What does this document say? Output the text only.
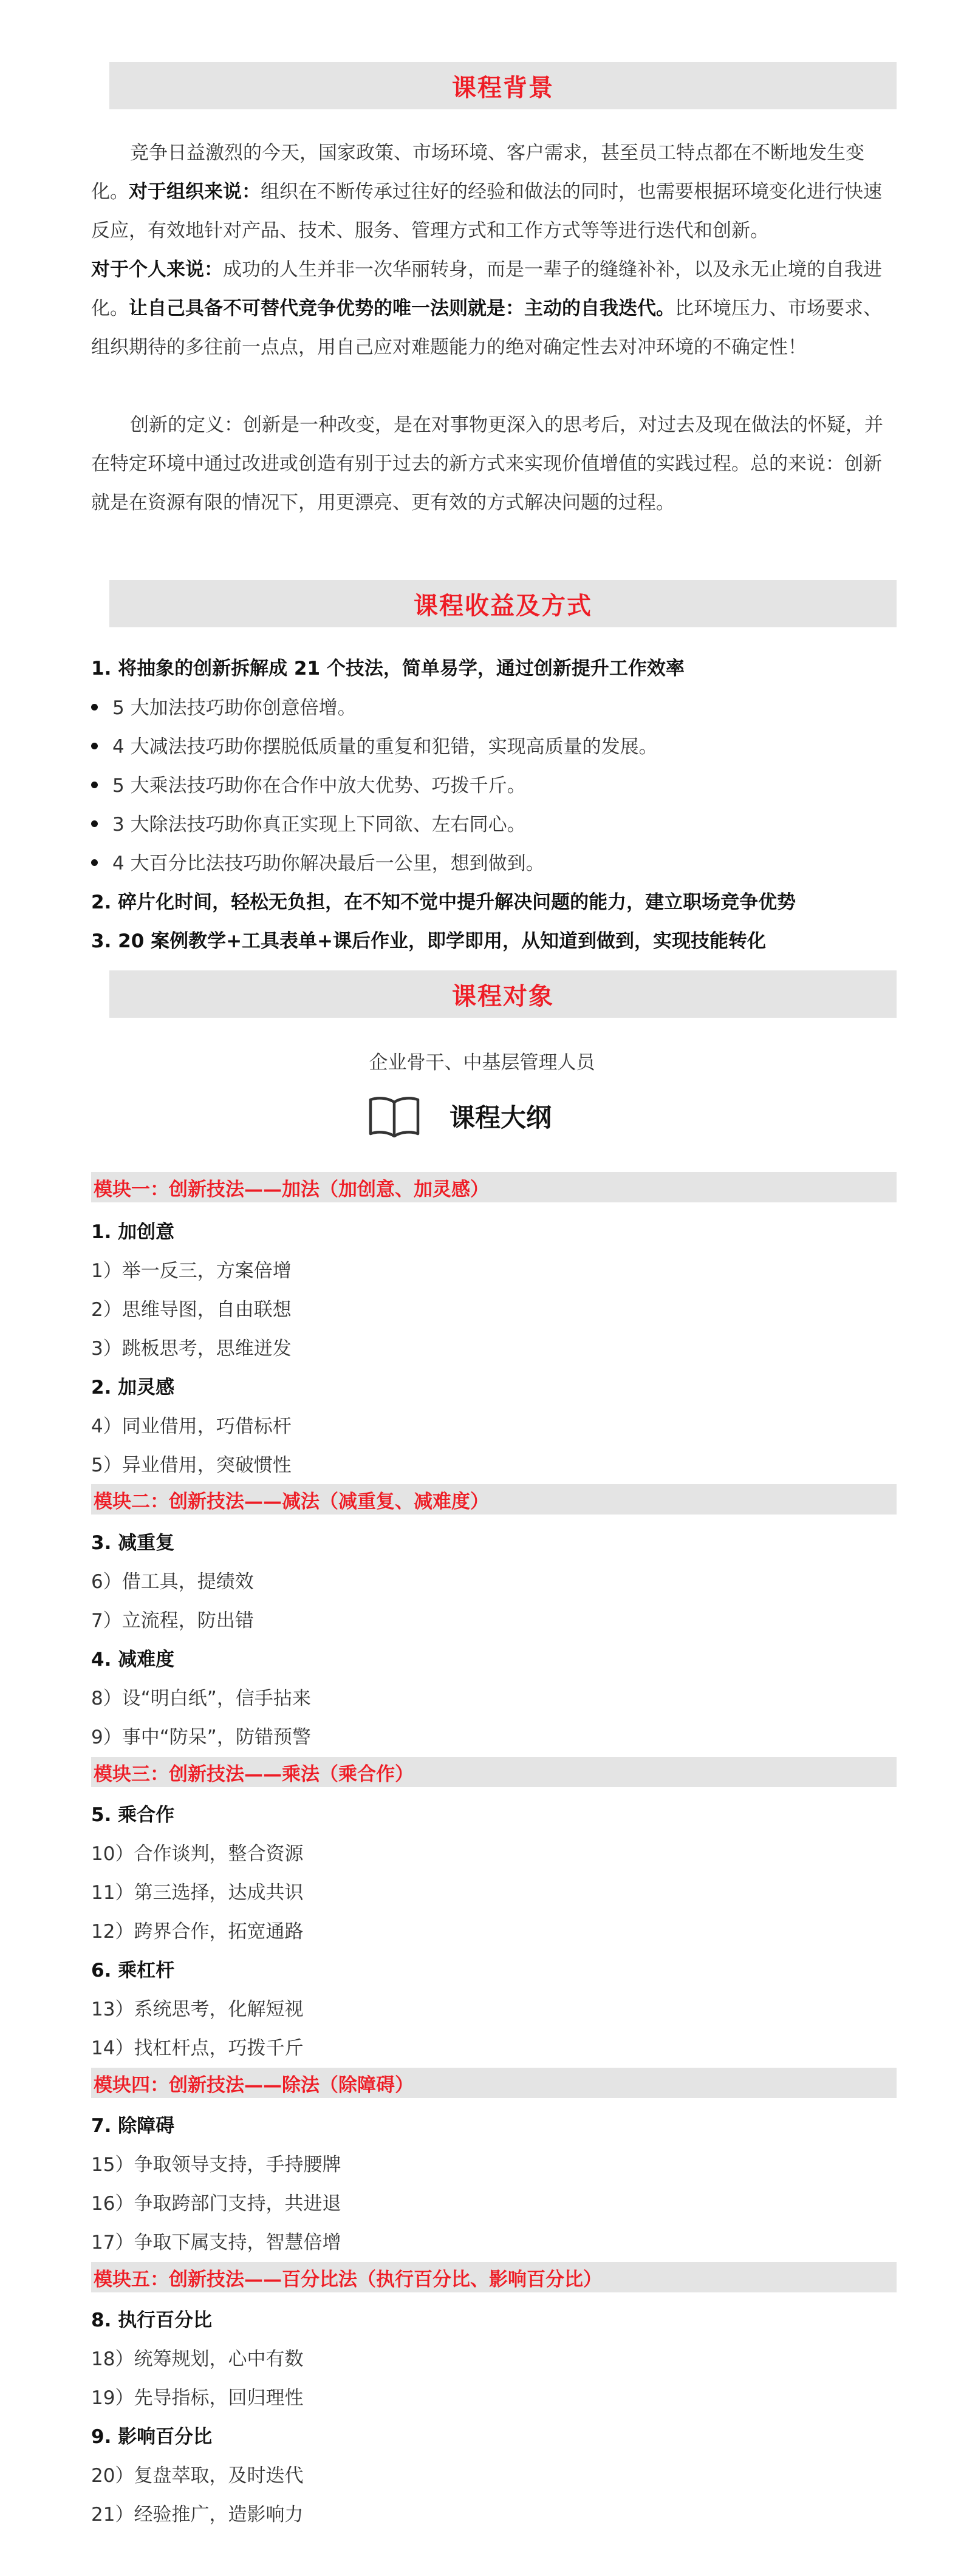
课程背景

竞争日益激烈的今天，国家政策、市场环境、客户需求，甚至员工特点都在不断地发生变化。对于组织来说：组织在不断传承过往好的经验和做法的同时，也需要根据环境变化进行快速反应，有效地针对产品、技术、服务、管理方式和工作方式等等进行迭代和创新。

对于个人来说：成功的人生并非一次华丽转身，而是一辈子的缝缝补补，以及永无止境的自我进化。让自己具备不可替代竞争优势的唯一法则就是：主动的自我迭代。比环境压力、市场要求、组织期待的多往前一点点，用自己应对难题能力的绝对确定性去对冲环境的不确定性！

创新的定义：创新是一种改变，是在对事物更深入的思考后，对过去及现在做法的怀疑，并在特定环境中通过改进或创造有别于过去的新方式来实现价值增值的实践过程。总的来说：创新就是在资源有限的情况下，用更漂亮、更有效的方式解决问题的过程。

课程收益及方式
1. 将抽象的创新拆解成 21 个技法，简单易学，通过创新提升工作效率
5 大加法技巧助你创意倍增。
4 大减法技巧助你摆脱低质量的重复和犯错，实现高质量的发展。
5 大乘法技巧助你在合作中放大优势、巧拨千斤。
3 大除法技巧助你真正实现上下同欲、左右同心。
4 大百分比法技巧助你解决最后一公里，想到做到。
2. 碎片化时间，轻松无负担，在不知不觉中提升解决问题的能力，建立职场竞争优势
3. 20 案例教学+工具表单+课后作业，即学即用，从知道到做到，实现技能转化
课程对象
企业骨干、中基层管理人员
课程大纲
模块一：创新技法——加法（加创意、加灵感）
1. 加创意
1）举一反三，方案倍增
2）思维导图，自由联想
3）跳板思考，思维迸发
2. 加灵感
4）同业借用，巧借标杆
5）异业借用，突破惯性
模块二：创新技法——减法（减重复、减难度）
3. 减重复
6）借工具，提绩效
7）立流程，防出错
4. 减难度
8）设“明白纸”，信手拈来
9）事中“防呆”，防错预警
模块三：创新技法——乘法（乘合作）
5. 乘合作
10）合作谈判，整合资源
11）第三选择，达成共识
12）跨界合作，拓宽通路
6. 乘杠杆
13）系统思考，化解短视
14）找杠杆点，巧拨千斤
模块四：创新技法——除法（除障碍）
7. 除障碍
15）争取领导支持，手持腰牌
16）争取跨部门支持，共进退
17）争取下属支持，智慧倍增
模块五：创新技法——百分比法（执行百分比、影响百分比）
8. 执行百分比
18）统筹规划，心中有数
19）先导指标，回归理性
9. 影响百分比
20）复盘萃取，及时迭代
21）经验推广，造影响力
